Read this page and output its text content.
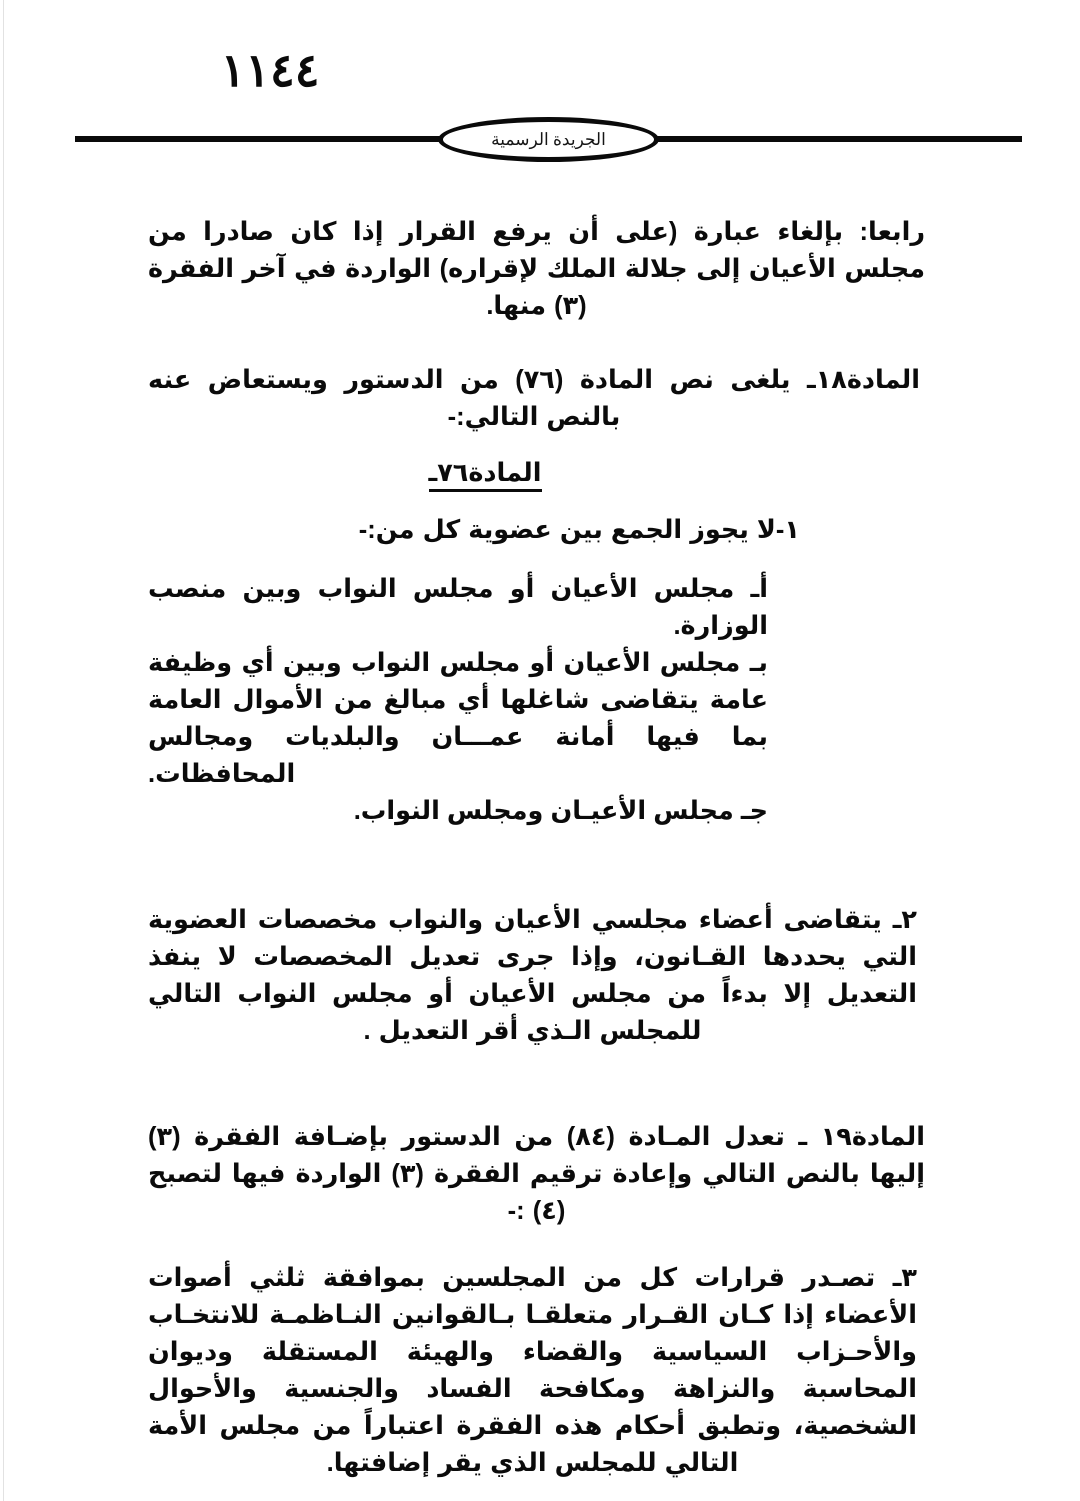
١١٤٤
الجريدة الرسمية

رابعا: بإلغاء عبارة (على أن يرفع القرار إذا كان صادرا من مجلس الأعيان إلى جلالة الملك لإقراره) الواردة في آخر الفقرة (٣) منها.

المادة١٨ـ يلغى نص المادة (٧٦) من الدستور ويستعاض عنه بالنص التالي:-

المادة٧٦ـ

١-لا يجوز الجمع بين عضوية كل من:-

أـ مجلس الأعيان أو مجلس النواب وبين منصب الوزارة.
بـ مجلس الأعيان أو مجلس النواب وبين أي وظيفة عامة يتقاضى شاغلها أي مبالغ من الأموال العامة بما فيها أمانة عمـــان والبلديات ومجالس المحافظات.
جـ مجلس الأعيـان ومجلس النواب.

٢ـ يتقاضى أعضاء مجلسي الأعيان والنواب مخصصات العضوية التي يحددها القـانون، وإذا جرى تعديل المخصصات لا ينفذ التعديل إلا بدءاً من مجلس الأعيان أو مجلس النواب التالي للمجلس الـذي أقر التعديل .

المادة١٩ ـ تعدل المـادة (٨٤) من الدستور بإضـافة الفقرة (٣) إليها بالنص التالي وإعادة ترقيم الفقرة (٣) الواردة فيها لتصبح (٤) :-

٣ـ تصـدر قرارات كل من المجلسين بموافقة ثلثي أصوات الأعضاء إذا كـان القـرار متعلقـا بـالقوانين النـاظمـة للانتخـاب والأحـزاب السياسية والقضاء والهيئة المستقلة وديوان المحاسبة والنزاهة ومكافحة الفساد والجنسية والأحوال الشخصية، وتطبق أحكام هذه الفقرة اعتباراً من مجلس الأمة التالي للمجلس الذي يقر إضافتها.
